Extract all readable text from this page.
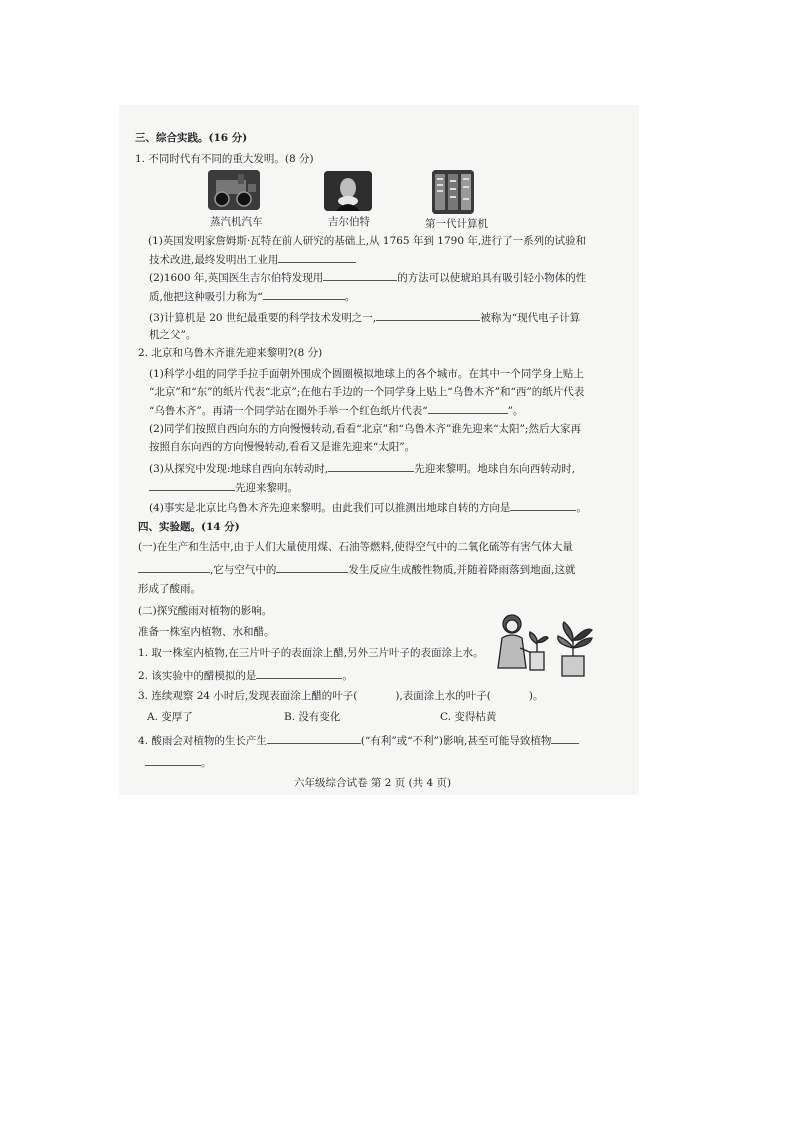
三、综合实践。(16 分)
1. 不同时代有不同的重大发明。(8 分)
蒸汽机汽车	吉尔伯特	第一代计算机
(1)英国发明家詹姆斯·瓦特在前人研究的基础上,从 1765 年到 1790 年,进行了一系列的试验和
技术改进,最终发明出工业用
(2)1600 年,英国医生吉尔伯特发现用	的方法可以使琥珀具有吸引轻小物体的性
质,他把这种吸引力称为“	。
(3)计算机是 20 世纪最重要的科学技术发明之一,	被称为“现代电子计算
机之父”。
2. 北京和乌鲁木齐谁先迎来黎明?(8 分)
(1)科学小组的同学手拉手面朝外围成个圆圈模拟地球上的各个城市。在其中一个同学身上贴上
“北京”和“东”的纸片代表“北京”;在他右手边的一个同学身上贴上“乌鲁木齐”和“西”的纸片代表
“乌鲁木齐”。再请一个同学站在圈外手举一个红色纸片代表“	”。
(2)同学们按照自西向东的方向慢慢转动,看看“北京”和“乌鲁木齐”谁先迎来“太阳”;然后大家再
按照自东向西的方向慢慢转动,看看又是谁先迎来“太阳”。
(3)从探究中发现:地球自西向东转动时,	先迎来黎明。地球自东向西转动时,
先迎来黎明。
(4)事实是北京比乌鲁木齐先迎来黎明。由此我们可以推测出地球自转的方向是	。
四、实验题。(14 分)
(一)在生产和生活中,由于人们大量使用煤、石油等燃料,使得空气中的二氧化硫等有害气体大量
,它与空气中的	发生反应生成酸性物质,并随着降雨落到地面,这就
形成了酸雨。
(二)探究酸雨对植物的影响。
准备一株室内植物、水和醋。
1. 取一株室内植物,在三片叶子的表面涂上醋,另外三片叶子的表面涂上水。
2. 该实验中的醋模拟的是	。
3. 连续观察 24 小时后,发现表面涂上醋的叶子(	),表面涂上水的叶子(	)。
A. 变厚了	B. 没有变化	C. 变得枯黄
4. 酸雨会对植物的生长产生	(“有利”或“不利”)影响,甚至可能导致植物
。
六年级综合试卷 第 2 页 (共 4 页)
